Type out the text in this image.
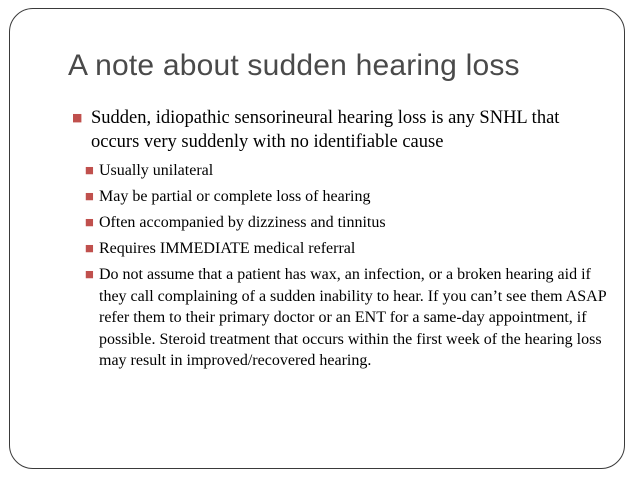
A note about sudden hearing loss
■ Sudden, idiopathic sensorineural hearing loss is any SNHL that occurs very suddenly with no identifiable cause
■ Usually unilateral
■ May be partial or complete loss of hearing
■ Often accompanied by dizziness and tinnitus
■ Requires IMMEDIATE medical referral
■ Do not assume that a patient has wax, an infection, or a broken hearing aid if they call complaining of a sudden inability to hear. If you can’t see them ASAP refer them to their primary doctor or an ENT for a same-day appointment, if possible. Steroid treatment that occurs within the first week of the hearing loss may result in improved/recovered hearing.
